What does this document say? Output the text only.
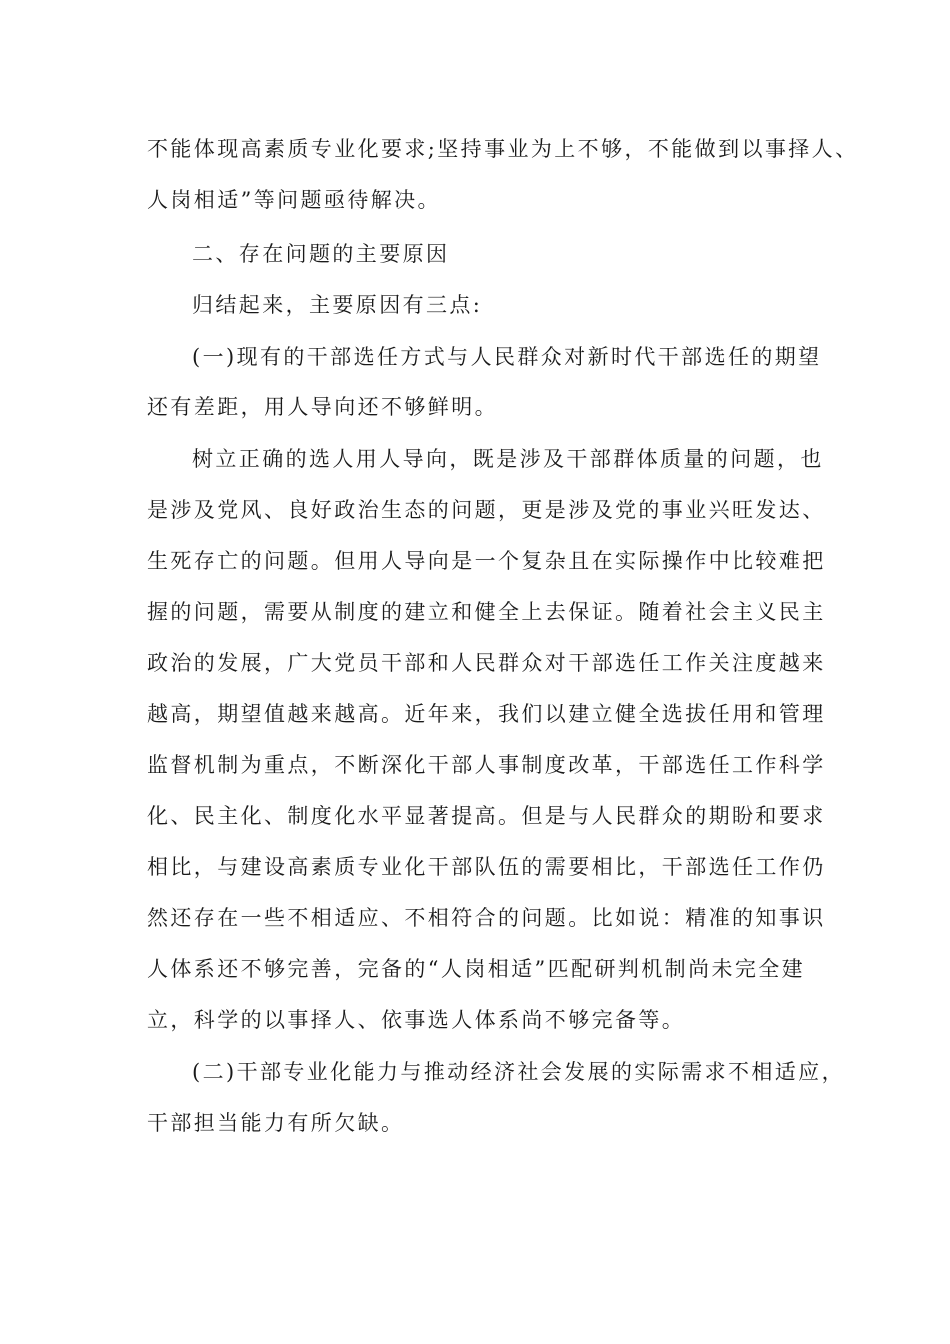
不能体现高素质专业化要求;坚持事业为上不够，不能做到以事择人、
人岗相适”等问题亟待解决。
二、存在问题的主要原因
归结起来，主要原因有三点:
(一)现有的干部选任方式与人民群众对新时代干部选任的期望
还有差距，用人导向还不够鲜明。
树立正确的选人用人导向，既是涉及干部群体质量的问题，也
是涉及党风、良好政治生态的问题，更是涉及党的事业兴旺发达、
生死存亡的问题。但用人导向是一个复杂且在实际操作中比较难把
握的问题，需要从制度的建立和健全上去保证。随着社会主义民主
政治的发展，广大党员干部和人民群众对干部选任工作关注度越来
越高，期望值越来越高。近年来，我们以建立健全选拔任用和管理
监督机制为重点，不断深化干部人事制度改革，干部选任工作科学
化、民主化、制度化水平显著提高。但是与人民群众的期盼和要求
相比，与建设高素质专业化干部队伍的需要相比，干部选任工作仍
然还存在一些不相适应、不相符合的问题。比如说：精准的知事识
人体系还不够完善，完备的“人岗相适”匹配研判机制尚未完全建
立，科学的以事择人、依事选人体系尚不够完备等。
(二)干部专业化能力与推动经济社会发展的实际需求不相适应，
干部担当能力有所欠缺。
